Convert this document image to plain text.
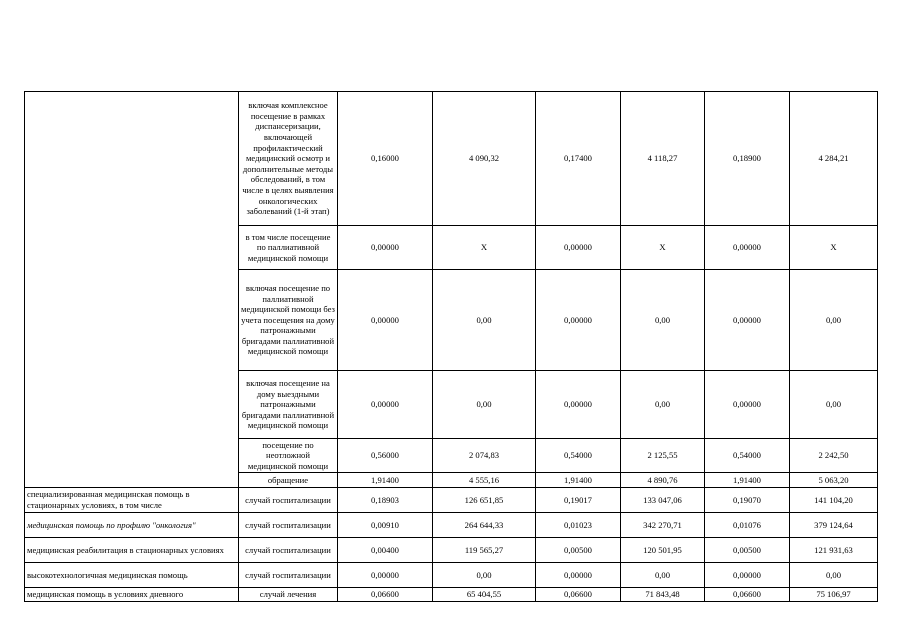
	включая комплексное посещение в рамках диспансеризации, включающей профилактический медицинский осмотр и дополнительные методы обследований, в том числе в целях выявления онкологических заболеваний (1-й этап)	0,16000	4 090,32	0,17400	4 118,27	0,18900	4 284,21
	в том числе посещение по паллиативной медицинской помощи	0,00000	X	0,00000	X	0,00000	X
	включая посещение по паллиативной медицинской помощи без учета посещения на дому патронажными бригадами паллиативной медицинской помощи	0,00000	0,00	0,00000	0,00	0,00000	0,00
	включая посещение на дому выездными патронажными бригадами паллиативной медицинской помощи	0,00000	0,00	0,00000	0,00	0,00000	0,00
	посещение по неотложной медицинской помощи	0,56000	2 074,83	0,54000	2 125,55	0,54000	2 242,50
	обращение	1,91400	4 555,16	1,91400	4 890,76	1,91400	5 063,20
специализированная медицинская помощь в стационарных условиях, в том числе	случай госпитализации	0,18903	126 651,85	0,19017	133 047,06	0,19070	141 104,20
медицинская помощь по профилю "онкология"	случай госпитализации	0,00910	264 644,33	0,01023	342 270,71	0,01076	379 124,64
медицинская реабилитация в стационарных условиях	случай госпитализации	0,00400	119 565,27	0,00500	120 501,95	0,00500	121 931,63
высокотехнологичная медицинская помощь	случай госпитализации	0,00000	0,00	0,00000	0,00	0,00000	0,00
медицинская помощь в условиях дневного	случай лечения	0,06600	65 404,55	0,06600	71 843,48	0,06600	75 106,97
